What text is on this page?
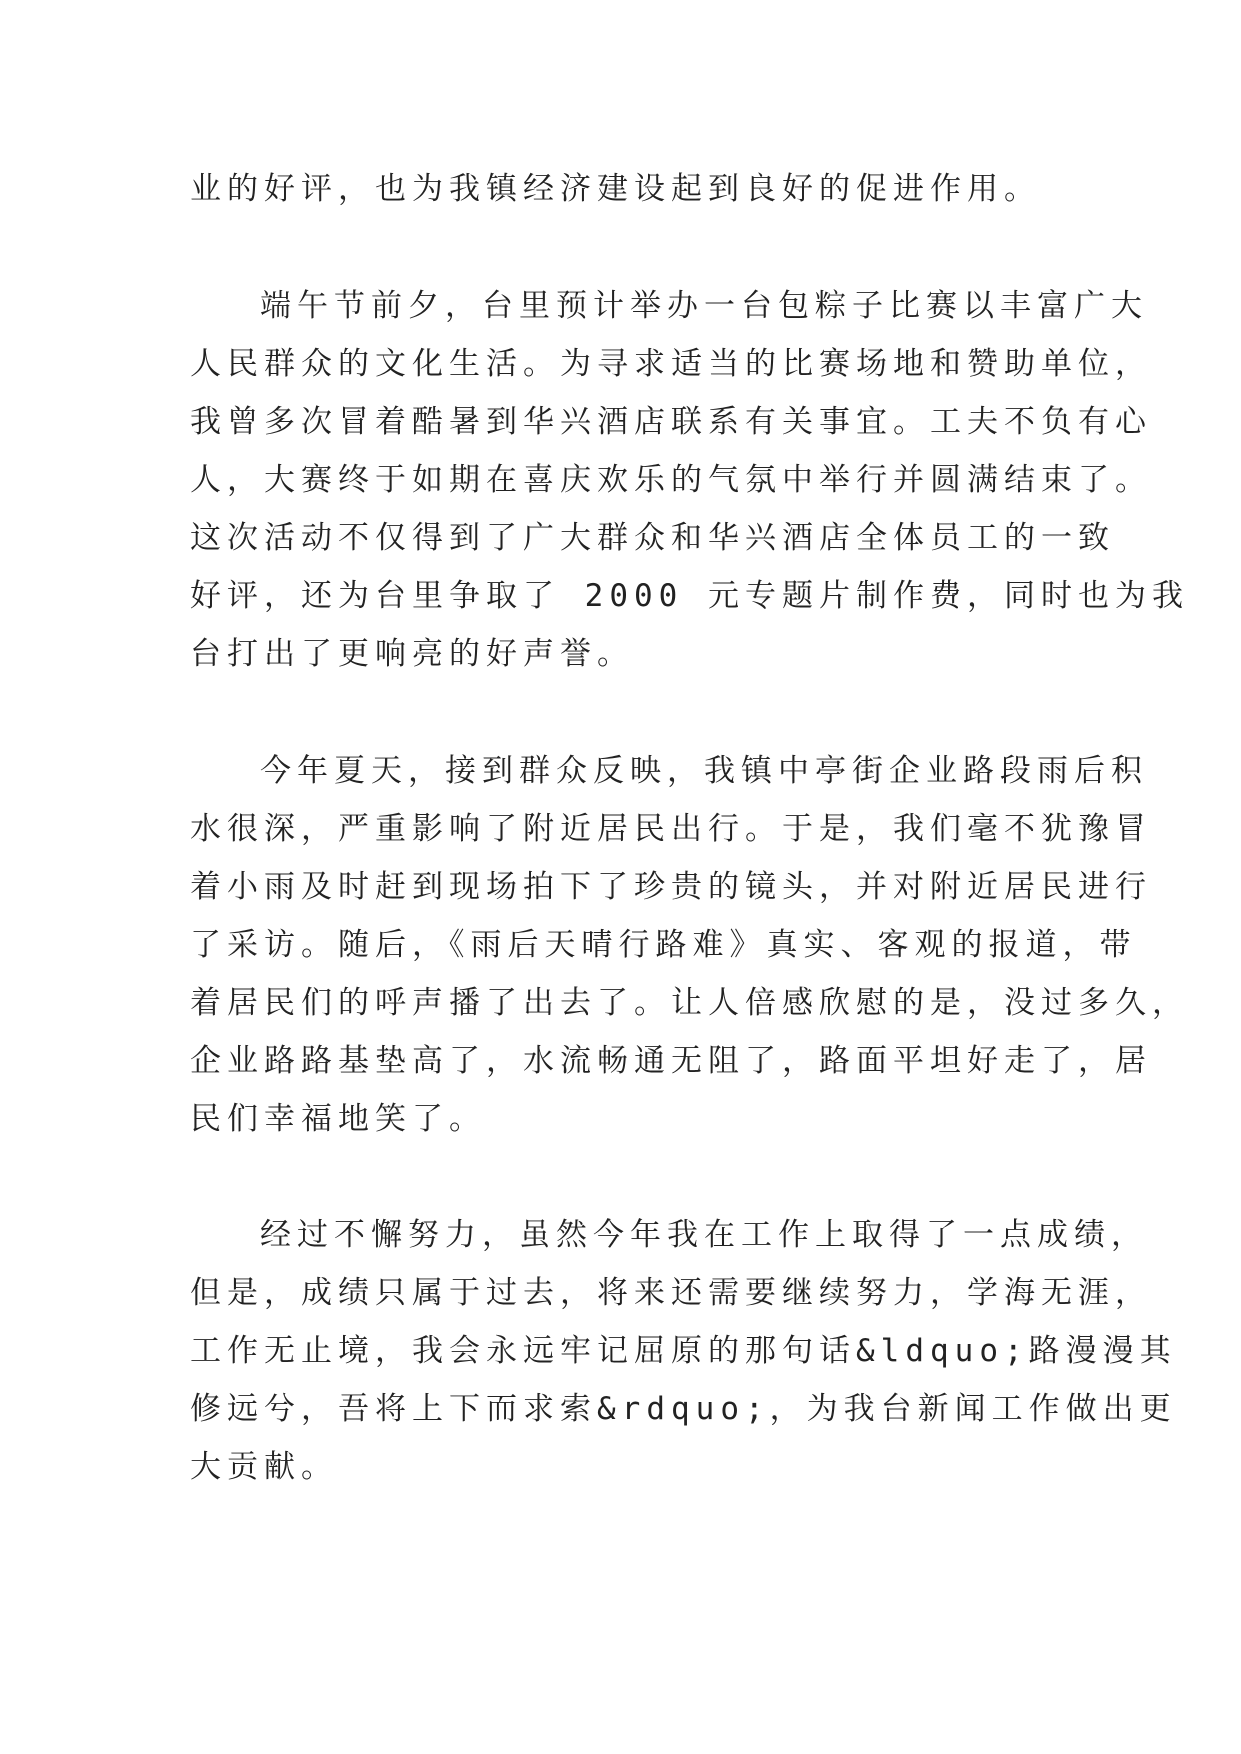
业的好评，也为我镇经济建设起到良好的促进作用。
端午节前夕，台里预计举办一台包粽子比赛以丰富广大
人民群众的文化生活。为寻求适当的比赛场地和赞助单位，
我曾多次冒着酷暑到华兴酒店联系有关事宜。工夫不负有心
人，大赛终于如期在喜庆欢乐的气氛中举行并圆满结束了。
这次活动不仅得到了广大群众和华兴酒店全体员工的一致
好评，还为台里争取了 2000 元专题片制作费，同时也为我
台打出了更响亮的好声誉。
今年夏天，接到群众反映，我镇中亭街企业路段雨后积
水很深，严重影响了附近居民出行。于是，我们毫不犹豫冒
着小雨及时赶到现场拍下了珍贵的镜头，并对附近居民进行
了采访。随后，《雨后天晴行路难》真实、客观的报道，带
着居民们的呼声播了出去了。让人倍感欣慰的是，没过多久，
企业路路基垫高了，水流畅通无阻了，路面平坦好走了，居
民们幸福地笑了。
经过不懈努力，虽然今年我在工作上取得了一点成绩，
但是，成绩只属于过去，将来还需要继续努力，学海无涯，
工作无止境，我会永远牢记屈原的那句话&ldquo;路漫漫其
修远兮，吾将上下而求索&rdquo;，为我台新闻工作做出更
大贡献。
